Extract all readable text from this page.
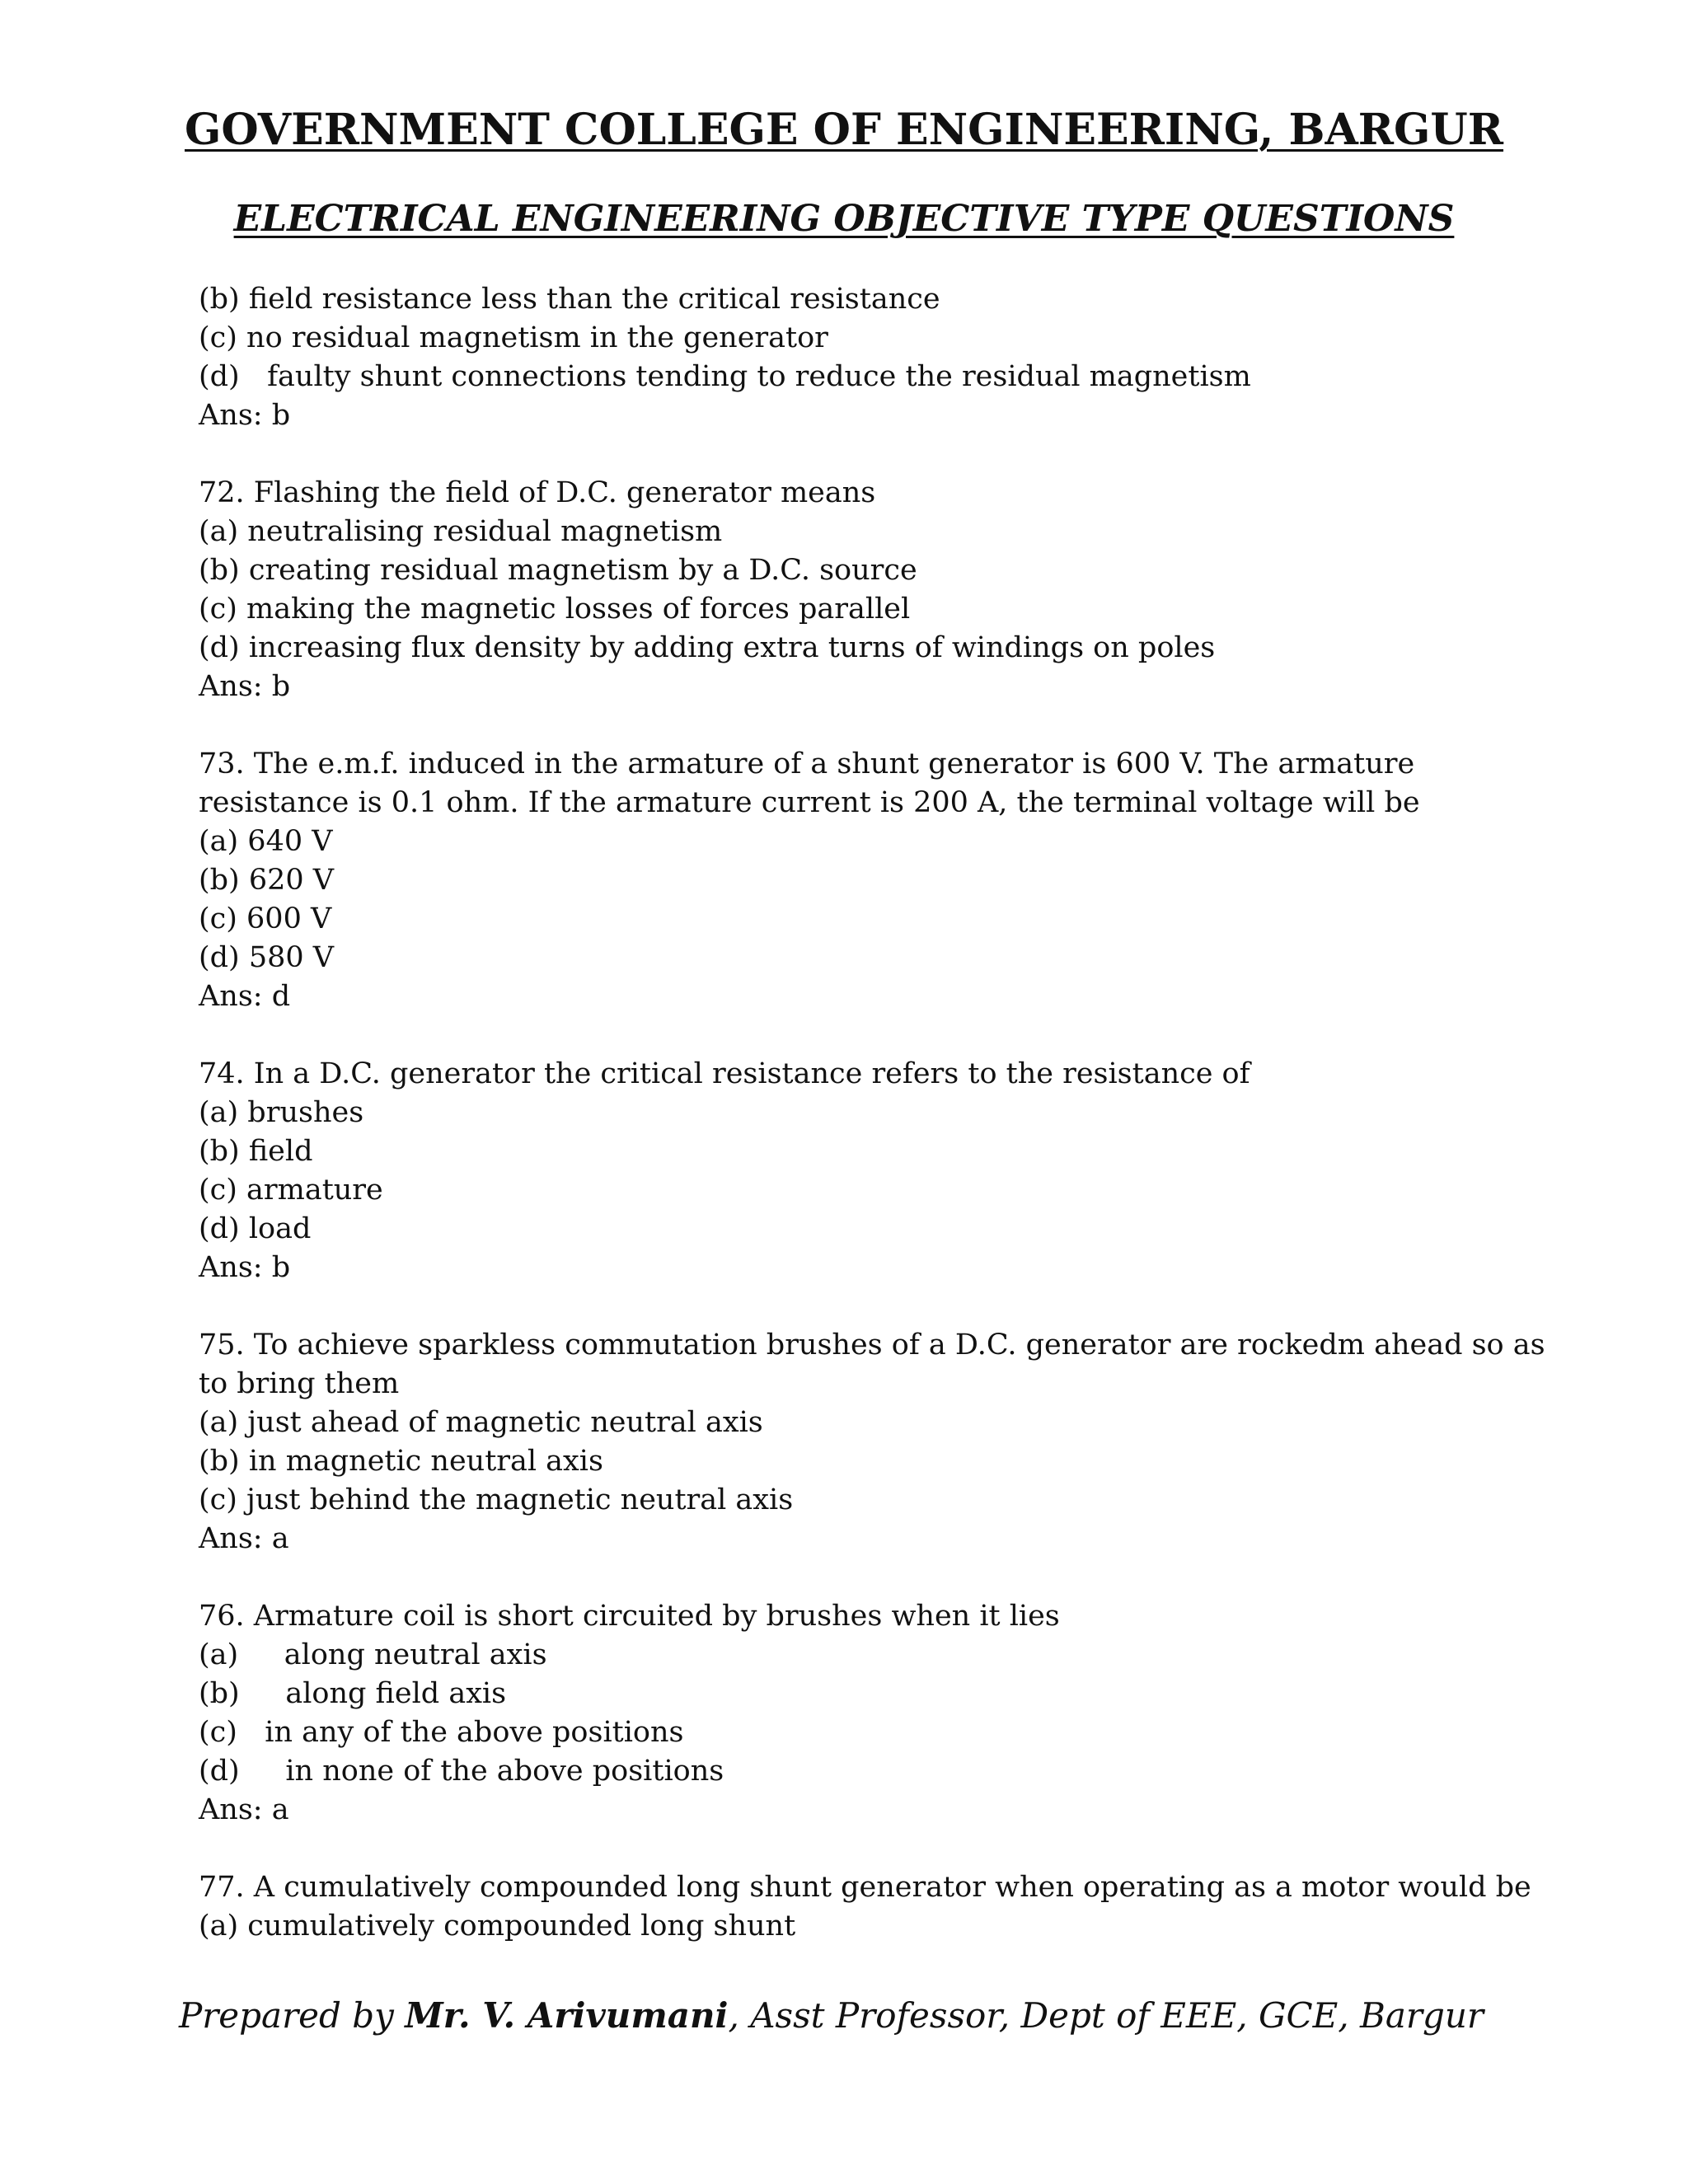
GOVERNMENT COLLEGE OF ENGINEERING, BARGUR
ELECTRICAL ENGINEERING OBJECTIVE TYPE QUESTIONS
(b) field resistance less than the critical resistance
(c) no residual magnetism in the generator
(d)   faulty shunt connections tending to reduce the residual magnetism
Ans: b
72. Flashing the field of D.C. generator means
(a) neutralising residual magnetism
(b) creating residual magnetism by a D.C. source
(c) making the magnetic losses of forces parallel
(d) increasing flux density by adding extra turns of windings on poles
Ans: b
73. The e.m.f. induced in the armature of a shunt generator is 600 V. The armature
resistance is 0.1 ohm. If the armature current is 200 A, the terminal voltage will be
(a) 640 V
(b) 620 V
(c) 600 V
(d) 580 V
Ans: d
74. In a D.C. generator the critical resistance refers to the resistance of
(a) brushes
(b) field
(c) armature
(d) load
Ans: b
75. To achieve sparkless commutation brushes of a D.C. generator are rockedm ahead so as
to bring them
(a) just ahead of magnetic neutral axis
(b) in magnetic neutral axis
(c) just behind the magnetic neutral axis
Ans: a
76. Armature coil is short circuited by brushes when it lies
(a)     along neutral axis
(b)     along field axis
(c)   in any of the above positions
(d)     in none of the above positions
Ans: a
77. A cumulatively compounded long shunt generator when operating as a motor would be
(a) cumulatively compounded long shunt
Prepared by Mr. V. Arivumani, Asst Professor, Dept of EEE, GCE, Bargur
